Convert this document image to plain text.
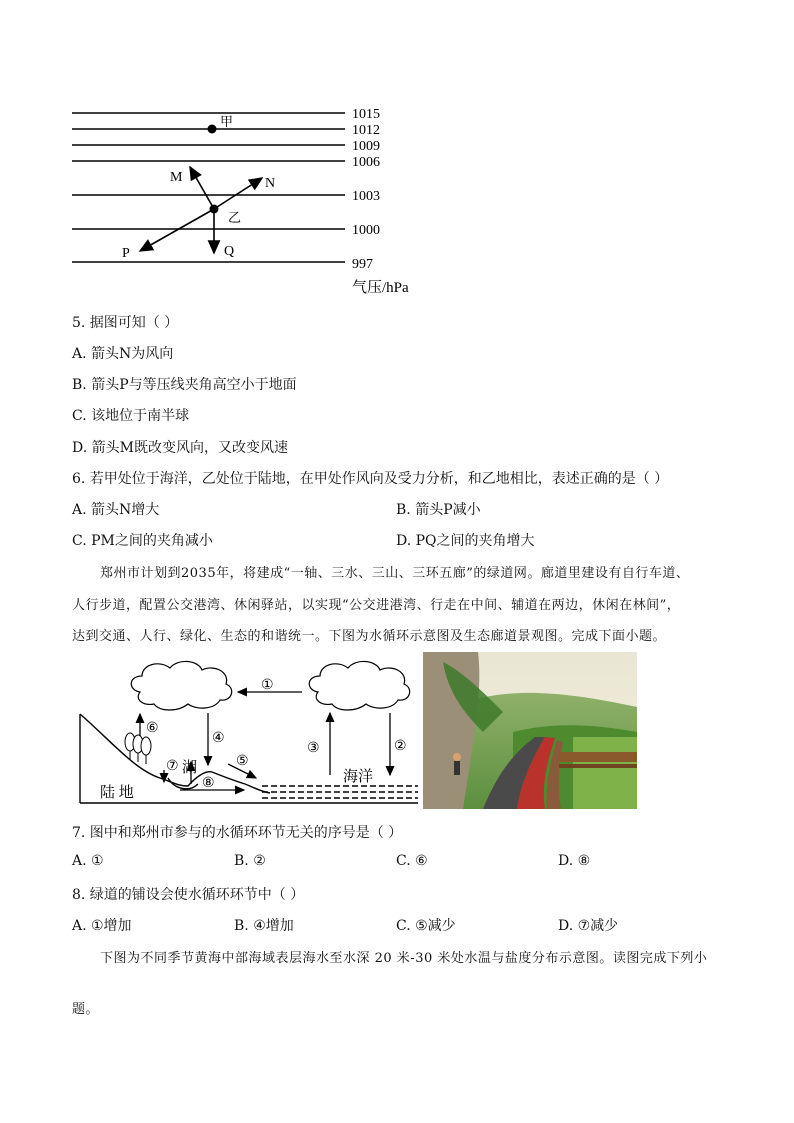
1015
1012
1009
1006
1003
1000
997
气压/hPa
甲
乙
M	N
P	Q
5. 据图可知（ ）
A. 箭头N为风向
B. 箭头P与等压线夹角高空小于地面
C. 该地位于南半球
D. 箭头M既改变风向，又改变风速
6. 若甲处位于海洋，乙处位于陆地，在甲处作风向及受力分析，和乙地相比，表述正确的是（ ）
A. 箭头N增大	B. 箭头P减小
C. PM之间的夹角减小	D. PQ之间的夹角增大
郑州市计划到2035年，将建成“一轴、三水、三山、三环五廊”的绿道网。廊道里建设有自行车道、
人行步道，配置公交港湾、休闲驿站，以实现“公交进港湾、行走在中间、辅道在两边，休闲在林间”，
达到交通、人行、绿化、生态的和谐统一。下图为水循环示意图及生态廊道景观图。完成下面小题。
①
②
③
④
⑤
⑥
⑦
⑧
湖
海洋
陆 地
7. 图中和郑州市参与的水循环环节无关的序号是（ ）
A. ①	B. ②	C. ⑥	D. ⑧
8. 绿道的铺设会使水循环环节中（ ）
A. ①增加	B. ④增加	C. ⑤减少	D. ⑦减少
下图为不同季节黄海中部海域表层海水至水深 20 米-30 米处水温与盐度分布示意图。读图完成下列小
题。
